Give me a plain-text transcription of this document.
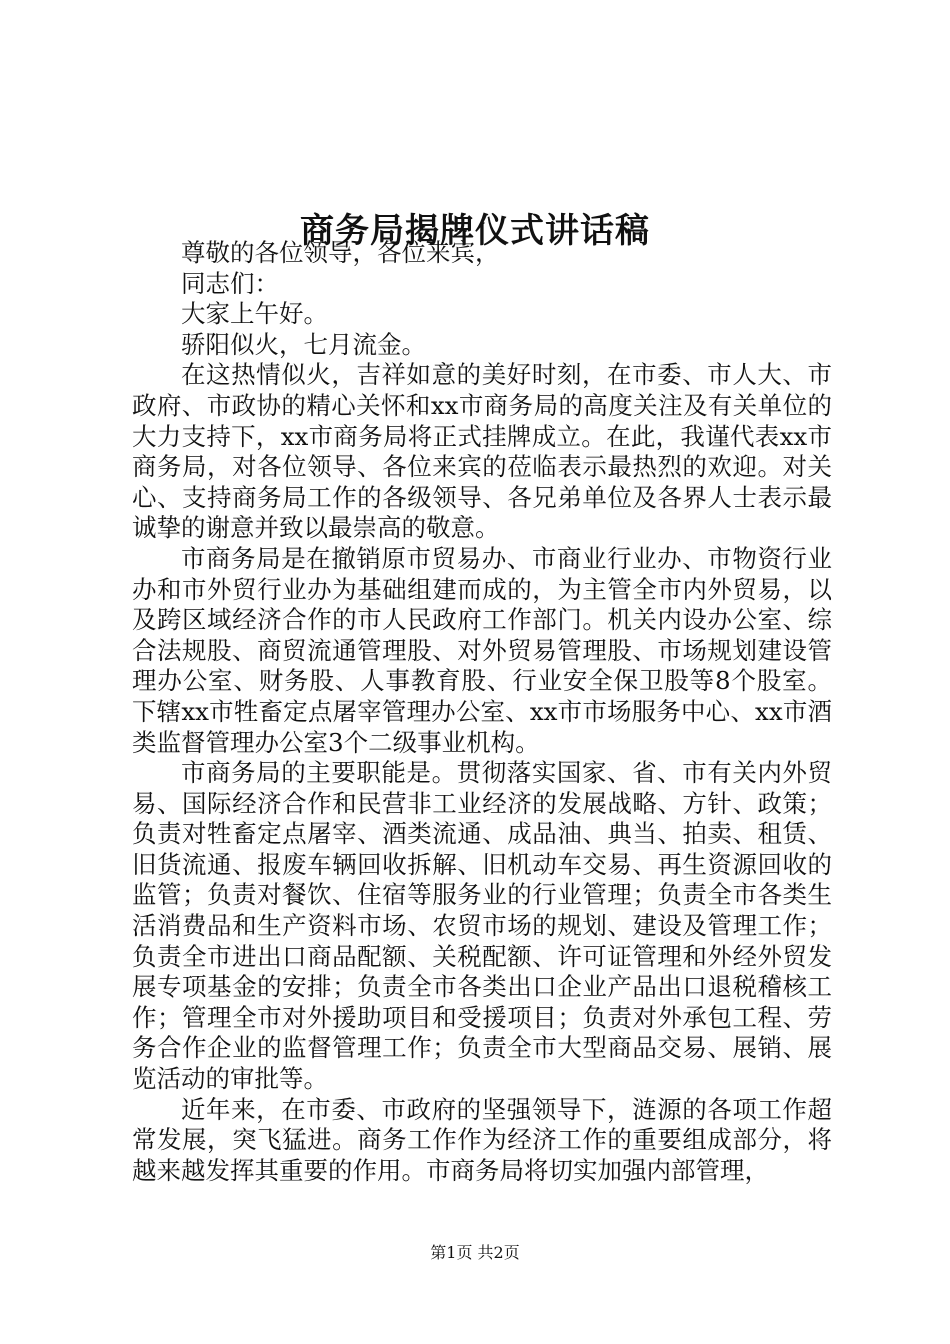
商务局揭牌仪式讲话稿

尊敬的各位领导，各位来宾，

同志们：

大家上午好。

骄阳似火，七月流金。

在这热情似火，吉祥如意的美好时刻，在市委、市人大、市政府、市政协的精心关怀和xx市商务局的高度关注及有关单位的大力支持下，xx市商务局将正式挂牌成立。在此，我谨代表xx市商务局，对各位领导、各位来宾的莅临表示最热烈的欢迎。对关心、支持商务局工作的各级领导、各兄弟单位及各界人士表示最诚挚的谢意并致以最崇高的敬意。

市商务局是在撤销原市贸易办、市商业行业办、市物资行业办和市外贸行业办为基础组建而成的，为主管全市内外贸易，以及跨区域经济合作的市人民政府工作部门。机关内设办公室、综合法规股、商贸流通管理股、对外贸易管理股、市场规划建设管理办公室、财务股、人事教育股、行业安全保卫股等8个股室。下辖xx市牲畜定点屠宰管理办公室、xx市市场服务中心、xx市酒类监督管理办公室3个二级事业机构。

市商务局的主要职能是。贯彻落实国家、省、市有关内外贸易、国际经济合作和民营非工业经济的发展战略、方针、政策；负责对牲畜定点屠宰、酒类流通、成品油、典当、拍卖、租赁、旧货流通、报废车辆回收拆解、旧机动车交易、再生资源回收的监管；负责对餐饮、住宿等服务业的行业管理；负责全市各类生活消费品和生产资料市场、农贸市场的规划、建设及管理工作；负责全市进出口商品配额、关税配额、许可证管理和外经外贸发展专项基金的安排；负责全市各类出口企业产品出口退税稽核工作；管理全市对外援助项目和受援项目；负责对外承包工程、劳务合作企业的监督管理工作；负责全市大型商品交易、展销、展览活动的审批等。

近年来，在市委、市政府的坚强领导下，涟源的各项工作超常发展，突飞猛进。商务工作作为经济工作的重要组成部分，将越来越发挥其重要的作用。市商务局将切实加强内部管理，

第1页 共2页
